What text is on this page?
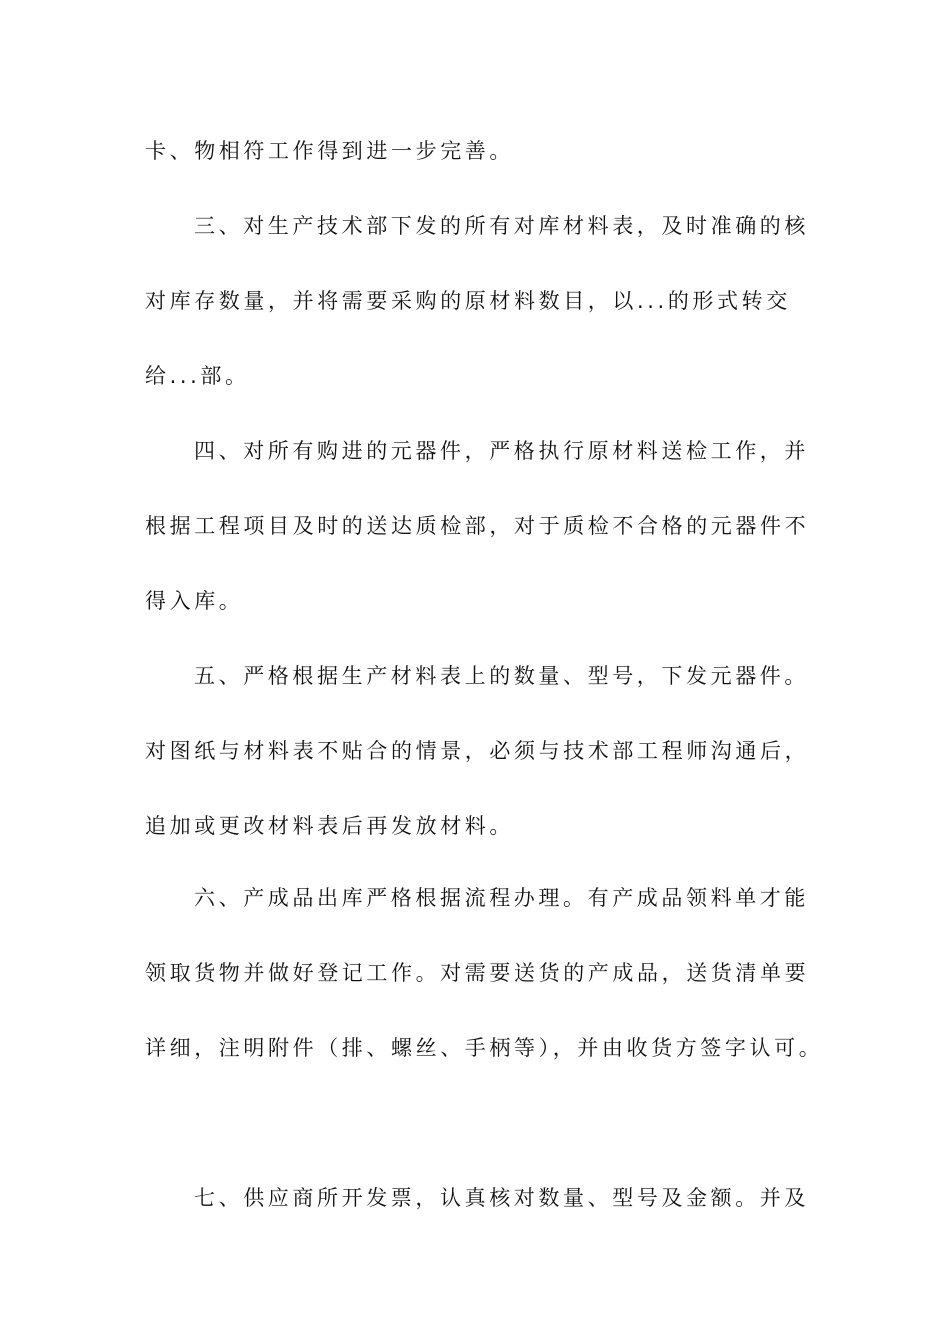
卡、物相符工作得到进一步完善。
三、对生产技术部下发的所有对库材料表，及时准确的核
对库存数量，并将需要采购的原材料数目，以...的形式转交
给...部。
四、对所有购进的元器件，严格执行原材料送检工作，并
根据工程项目及时的送达质检部，对于质检不合格的元器件不
得入库。
五、严格根据生产材料表上的数量、型号，下发元器件。
对图纸与材料表不贴合的情景，必须与技术部工程师沟通后，
追加或更改材料表后再发放材料。
六、产成品出库严格根据流程办理。有产成品领料单才能
领取货物并做好登记工作。对需要送货的产成品，送货清单要
详细，注明附件（排、螺丝、手柄等），并由收货方签字认可。
七、供应商所开发票，认真核对数量、型号及金额。并及
